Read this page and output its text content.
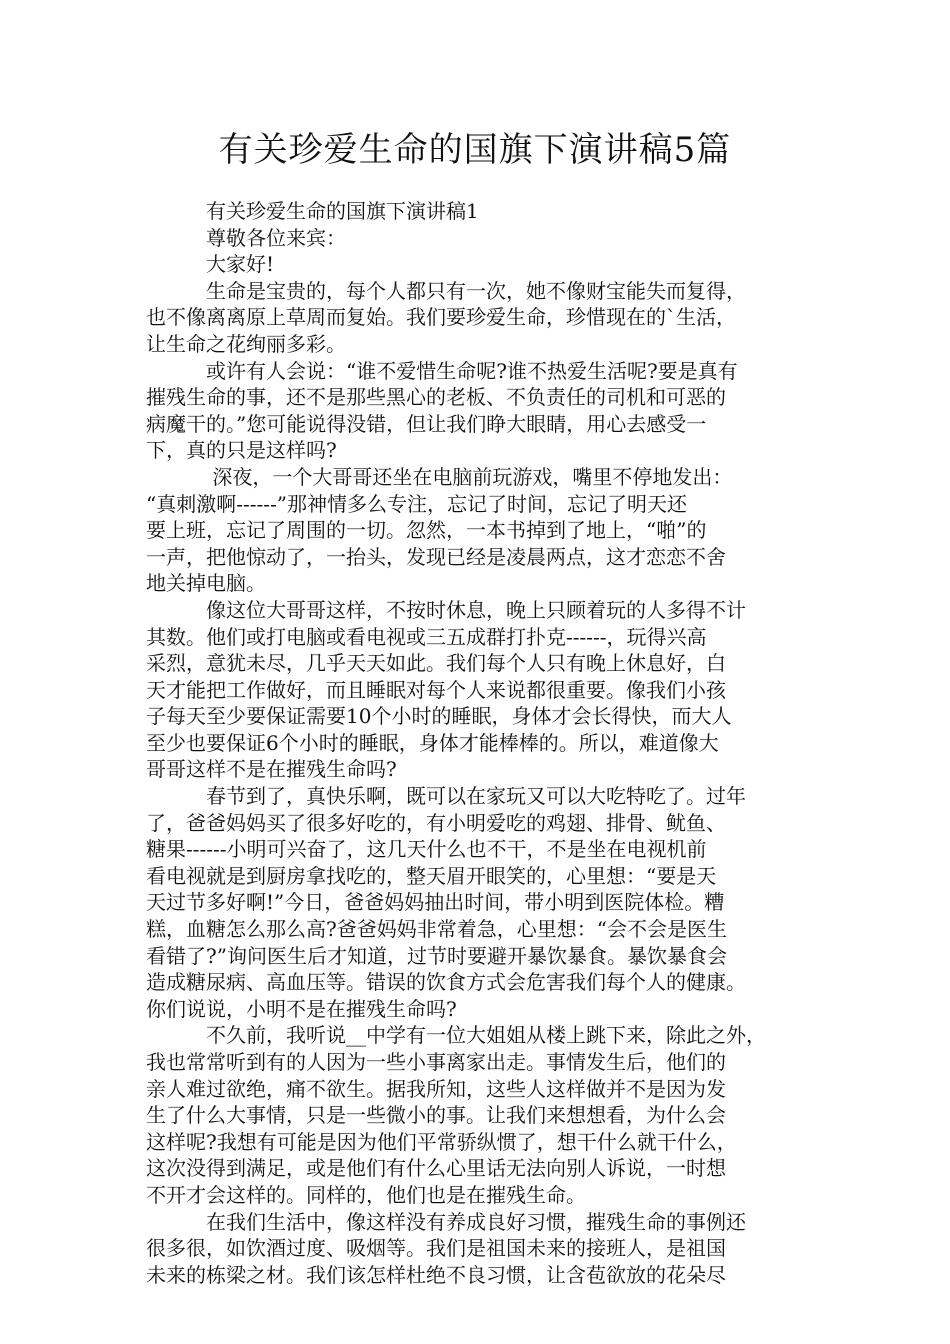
有关珍爱生命的国旗下演讲稿5篇
　　　有关珍爱生命的国旗下演讲稿1
　　　尊敬各位来宾：
　　　大家好!
　　　生命是宝贵的，每个人都只有一次，她不像财宝能失而复得，
也不像离离原上草周而复始。我们要珍爱生命，珍惜现在的`生活，
让生命之花绚丽多彩。
　　　或许有人会说：“谁不爱惜生命呢?谁不热爱生活呢?要是真有
摧残生命的事，还不是那些黑心的老板、不负责任的司机和可恶的
病魔干的。”您可能说得没错，但让我们睁大眼睛，用心去感受一
下，真的只是这样吗?
　　　 深夜，一个大哥哥还坐在电脑前玩游戏，嘴里不停地发出：
“真刺激啊------”那神情多么专注，忘记了时间，忘记了明天还
要上班，忘记了周围的一切。忽然，一本书掉到了地上，“啪”的
一声，把他惊动了，一抬头，发现已经是凌晨两点，这才恋恋不舍
地关掉电脑。
　　　像这位大哥哥这样，不按时休息，晚上只顾着玩的人多得不计
其数。他们或打电脑或看电视或三五成群打扑克------，玩得兴高
采烈，意犹未尽，几乎天天如此。我们每个人只有晚上休息好，白
天才能把工作做好，而且睡眠对每个人来说都很重要。像我们小孩
子每天至少要保证需要10个小时的睡眠，身体才会长得快，而大人
至少也要保证6个小时的睡眠，身体才能棒棒的。所以，难道像大
哥哥这样不是在摧残生命吗?
　　　春节到了，真快乐啊，既可以在家玩又可以大吃特吃了。过年
了，爸爸妈妈买了很多好吃的，有小明爱吃的鸡翅、排骨、鱿鱼、
糖果------小明可兴奋了，这几天什么也不干，不是坐在电视机前
看电视就是到厨房拿找吃的，整天眉开眼笑的，心里想：“要是天
天过节多好啊!”今日，爸爸妈妈抽出时间，带小明到医院体检。糟
糕，血糖怎么那么高?爸爸妈妈非常着急，心里想：“会不会是医生
看错了?”询问医生后才知道，过节时要避开暴饮暴食。暴饮暴食会
造成糖尿病、高血压等。错误的饮食方式会危害我们每个人的健康。
你们说说，小明不是在摧残生命吗?
　　　不久前，我听说__中学有一位大姐姐从楼上跳下来，除此之外，
我也常常听到有的人因为一些小事离家出走。事情发生后，他们的
亲人难过欲绝，痛不欲生。据我所知，这些人这样做并不是因为发
生了什么大事情，只是一些微小的事。让我们来想想看，为什么会
这样呢?我想有可能是因为他们平常骄纵惯了，想干什么就干什么，
这次没得到满足，或是他们有什么心里话无法向别人诉说，一时想
不开才会这样的。同样的，他们也是在摧残生命。
　　　在我们生活中，像这样没有养成良好习惯，摧残生命的事例还
很多很，如饮酒过度、吸烟等。我们是祖国未来的接班人，是祖国
未来的栋梁之材。我们该怎样杜绝不良习惯，让含苞欲放的花朵尽
